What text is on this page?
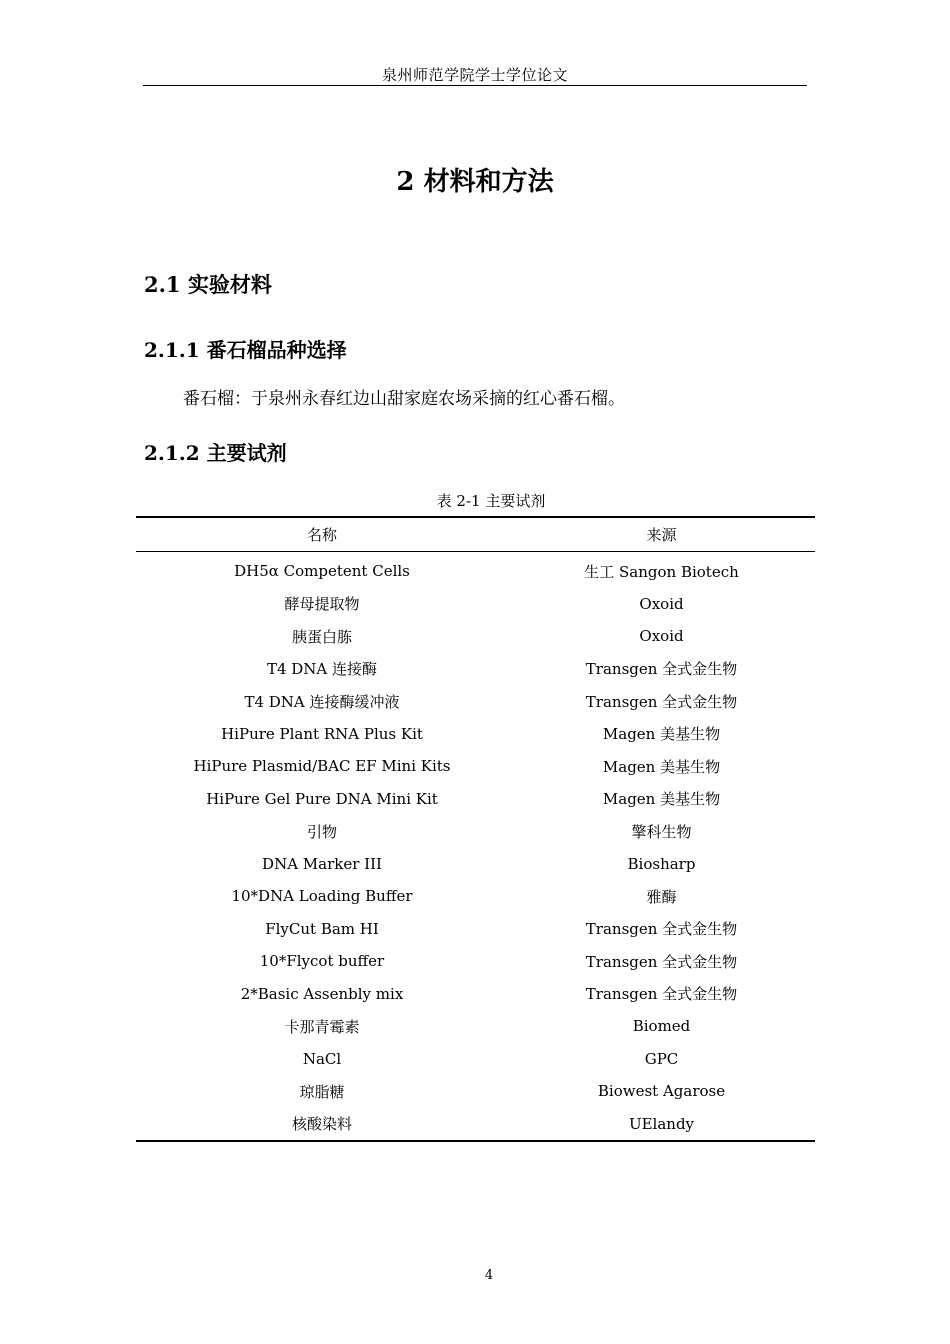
泉州师范学院学士学位论文
2 材料和方法
2.1 实验材料
2.1.1 番石榴品种选择
番石榴：于泉州永春红边山甜家庭农场采摘的红心番石榴。
2.1.2 主要试剂
表 2-1 主要试剂
名称	来源
DH5α Competent Cells	生工 Sangon Biotech
酵母提取物	Oxoid
胰蛋白胨	Oxoid
T4 DNA 连接酶	Transgen 全式金生物
T4 DNA 连接酶缓冲液	Transgen 全式金生物
HiPure Plant RNA Plus Kit	Magen 美基生物
HiPure Plasmid/BAC EF Mini Kits	Magen 美基生物
HiPure Gel Pure DNA Mini Kit	Magen 美基生物
引物	擎科生物
DNA Marker III	Biosharp
10*DNA Loading Buffer	雅酶
FlyCut Bam HI	Transgen 全式金生物
10*Flycot buffer	Transgen 全式金生物
2*Basic Assenbly mix	Transgen 全式金生物
卡那青霉素	Biomed
NaCl	GPC
琼脂糖	Biowest Agarose
核酸染料	UElandy
4
